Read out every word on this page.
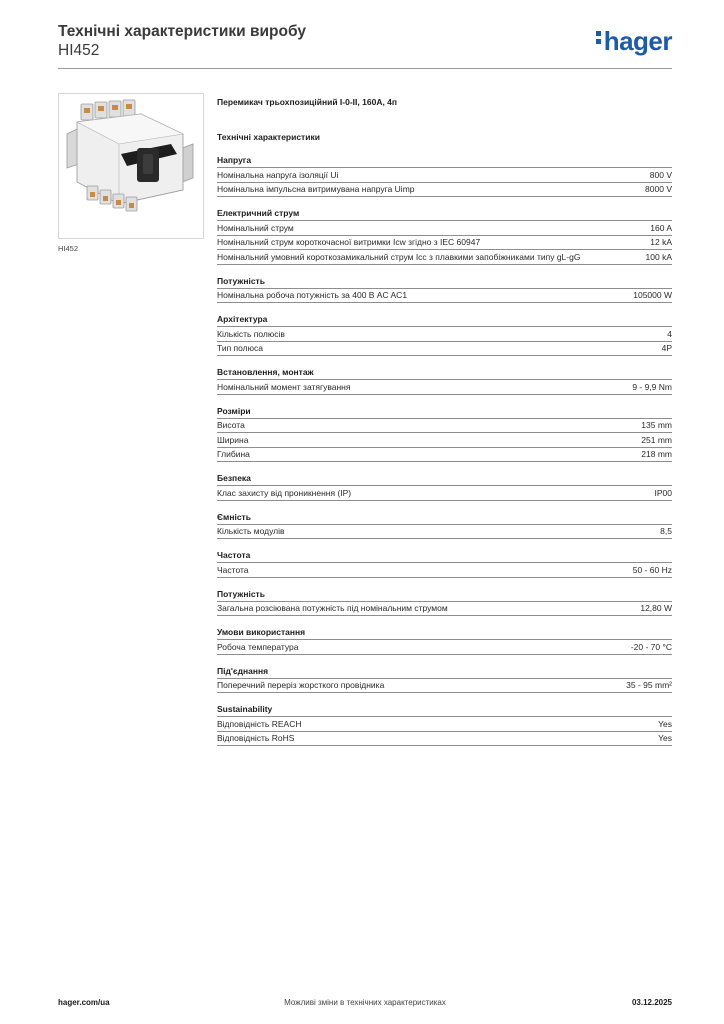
Технічні характеристики виробу
HI452	hager
HI452
Перемикач трьохпозиційний I-0-II, 160A, 4п
Технічні характеристики
Напруга
Номінальна напруга ізоляції Ui	800 V
Номінальна імпульсна витримувана напруга Uimp	8000 V
Електричний струм
Номінальний струм	160 A
Номінальний струм короткочасної витримки Icw згідно з IEC 60947	12 kA
Номінальний умовний короткозамикальний струм Icc з плавкими запобіжниками типу gL-gG	100 kA
Потужність
Номінальна робоча потужність за 400 В AC AC1	105000 W
Архітектура
Кількість полюсів	4
Тип полюса	4P
Встановлення, монтаж
Номінальний момент затягування	9 - 9,9 Nm
Розміри
Висота	135 mm
Ширина	251 mm
Глибина	218 mm
Безпека
Клас захисту від проникнення (IP)	IP00
Ємність
Кількість модулів	8,5
Частота
Частота	50 - 60 Hz
Потужність
Загальна розсіювана потужність під номінальним струмом	12,80 W
Умови використання
Робоча температура	-20 - 70 °C
Під'єднання
Поперечний переріз жорсткого провідника	35 - 95 mm²
Sustainability
Відповідність REACH	Yes
Відповідність RoHS	Yes
hager.com/ua	Можливі зміни в технічних характеристиках	03.12.2025
